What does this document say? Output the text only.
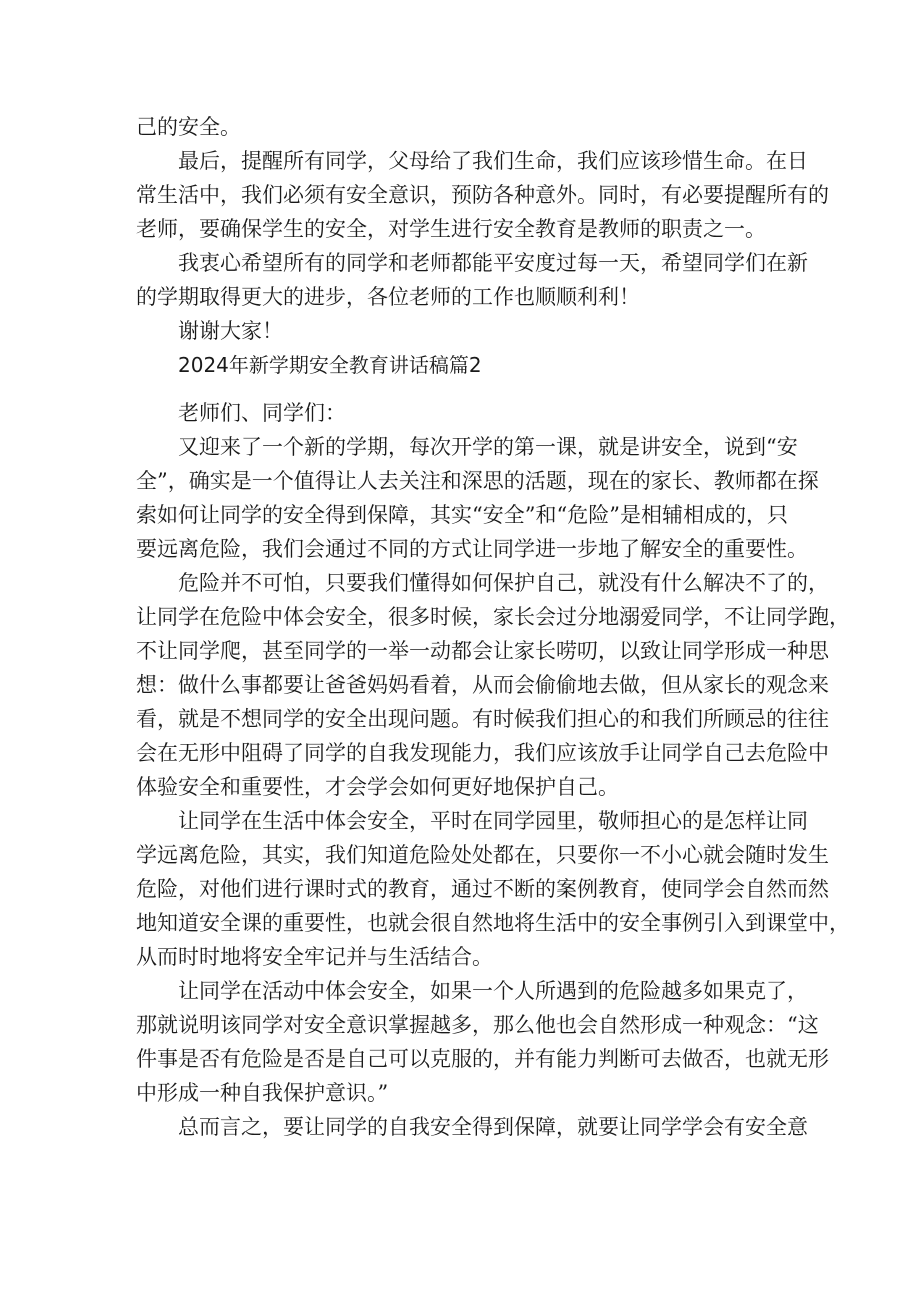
己的安全。
最后，提醒所有同学，父母给了我们生命，我们应该珍惜生命。在日
常生活中，我们必须有安全意识，预防各种意外。同时，有必要提醒所有的
老师，要确保学生的安全，对学生进行安全教育是教师的职责之一。
我衷心希望所有的同学和老师都能平安度过每一天，希望同学们在新
的学期取得更大的进步，各位老师的工作也顺顺利利！
谢谢大家！
2024年新学期安全教育讲话稿篇2
老师们、同学们：
又迎来了一个新的学期，每次开学的第一课，就是讲安全，说到“安
全”，确实是一个值得让人去关注和深思的活题，现在的家长、教师都在探
索如何让同学的安全得到保障，其实“安全”和“危险”是相辅相成的，只
要远离危险，我们会通过不同的方式让同学进一步地了解安全的重要性。
危险并不可怕，只要我们懂得如何保护自己，就没有什么解决不了的，
让同学在危险中体会安全，很多时候，家长会过分地溺爱同学，不让同学跑，
不让同学爬，甚至同学的一举一动都会让家长唠叨，以致让同学形成一种思
想：做什么事都要让爸爸妈妈看着，从而会偷偷地去做，但从家长的观念来
看，就是不想同学的安全出现问题。有时候我们担心的和我们所顾忌的往往
会在无形中阻碍了同学的自我发现能力，我们应该放手让同学自己去危险中
体验安全和重要性，才会学会如何更好地保护自己。
让同学在生活中体会安全，平时在同学园里，敬师担心的是怎样让同
学远离危险，其实，我们知道危险处处都在，只要你一不小心就会随时发生
危险，对他们进行课时式的教育，通过不断的案例教育，使同学会自然而然
地知道安全课的重要性，也就会很自然地将生活中的安全事例引入到课堂中，
从而时时地将安全牢记并与生活结合。
让同学在活动中体会安全，如果一个人所遇到的危险越多如果克了，
那就说明该同学对安全意识掌握越多，那么他也会自然形成一种观念：“这
件事是否有危险是否是自己可以克服的，并有能力判断可去做否，也就无形
中形成一种自我保护意识。”
总而言之，要让同学的自我安全得到保障，就要让同学学会有安全意
